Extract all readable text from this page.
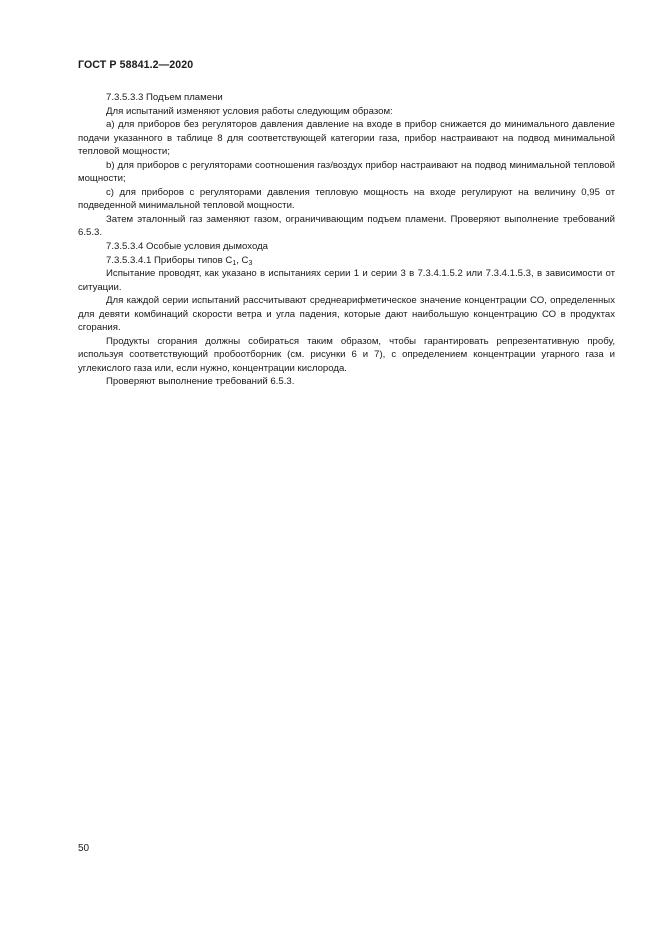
ГОСТ Р 58841.2—2020

7.3.5.3.3 Подъем пламени

Для испытаний изменяют условия работы следующим образом:

а) для приборов без регуляторов давления давление на входе в прибор снижается до минимального давление подачи указанного в таблице 8 для соответствующей категории газа, прибор настраивают на подвод минимальной тепловой мощности;

b) для приборов с регуляторами соотношения газ/воздух прибор настраивают на подвод минимальной тепловой мощности;

с) для приборов с регуляторами давления тепловую мощность на входе регулируют на величину 0,95 от подведенной минимальной тепловой мощности.

Затем эталонный газ заменяют газом, ограничивающим подъем пламени. Проверяют выполнение требований 6.5.3.

7.3.5.3.4 Особые условия дымохода

7.3.5.3.4.1 Приборы типов $C_1$, $C_3$

Испытание проводят, как указано в испытаниях серии 1 и серии 3 в 7.3.4.1.5.2 или 7.3.4.1.5.3, в зависимости от ситуации.

Для каждой серии испытаний рассчитывают среднеарифметическое значение концентрации СО, определенных для девяти комбинаций скорости ветра и угла падения, которые дают наибольшую концентрацию СО в продуктах сгорания.

Продукты сгорания должны собираться таким образом, чтобы гарантировать репрезентативную пробу, используя соответствующий пробоотборник (см. рисунки 6 и 7), с определением концентрации угарного газа и углекислого газа или, если нужно, концентрации кислорода.

Проверяют выполнение требований 6.5.3.

50
